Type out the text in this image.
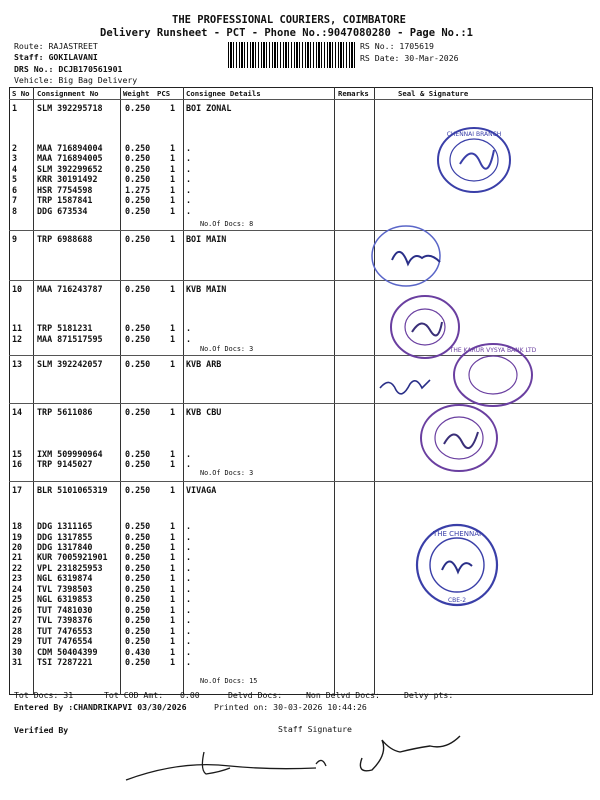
THE PROFESSIONAL COURIERS, COIMBATORE
Delivery Runsheet - PCT - Phone No.:9047080280 - Page No.:1
Route: RAJASTREET
Staff: GOKILAVANI
DRS No.: DCJB170561901
Vehicle: Big Bag Delivery
RS No.: 1705619
RS Date: 30-Mar-2026
S No Consignment No	Weight PCS Consignee Details	Remarks	Seal & Signature
1 SLM 392295718	0.250 1 BOI ZONAL
2 MAA 716894004	0.250 1 .
3 MAA 716894005	0.250 1 .
4 SLM 392299652	0.250 1 .
5 KRR 30191492	0.250 1 .
6 HSR 7754598	1.275 1 .
7 TRP 1587841	0.250 1 .
8 DDG 673534	0.250 1 .
9 TRP 6988688	0.250 1 BOI MAIN
10 MAA 716243787	0.250 1 KVB MAIN
11 TRP 5181231	0.250 1 .
12 MAA 871517595	0.250 1 .
13 SLM 392242057	0.250 1 KVB ARB
14 TRP 5611086	0.250 1 KVB CBU
15 IXM 509990964	0.250 1 .
16 TRP 9145027	0.250 1 .
17 BLR 5101065319 0.250 1 VIVAGA
18 DDG 1311165	0.250 1 .
19 DDG 1317855	0.250 1 .
20 DDG 1317840	0.250 1 .
21 KUR 7005921901 0.250 1 .
22 VPL 231825953	0.250 1 .
23 NGL 6319874	0.250 1 .
24 TVL 7398503	0.250 1 .
25 NGL 6319853	0.250 1 .
26 TUT 7481030	0.250 1 .
27 TVL 7398376	0.250 1 .
28 TUT 7476553	0.250 1 .
29 TUT 7476554	0.250 1 .
30 CDM 50404399	0.430 1 .
31 TSI 7287221	0.250 1 .
No.Of Docs: 8
No.Of Docs: 3
No.Of Docs: 3
No.Of Docs: 15
CHENNAI BRANCH
THE KARUR VYSYA BANK LTD
THE CHENNAI
CBE-2
Tot Docs: 31	Tot COD Amt: 0.00	Delvd Docs:	Non Delvd Docs:	Delvy pts:
Entered By :CHANDRIKAPVI 03/30/2026	Printed on: 30-03-2026 10:44:26
Verified By	Staff Signature
